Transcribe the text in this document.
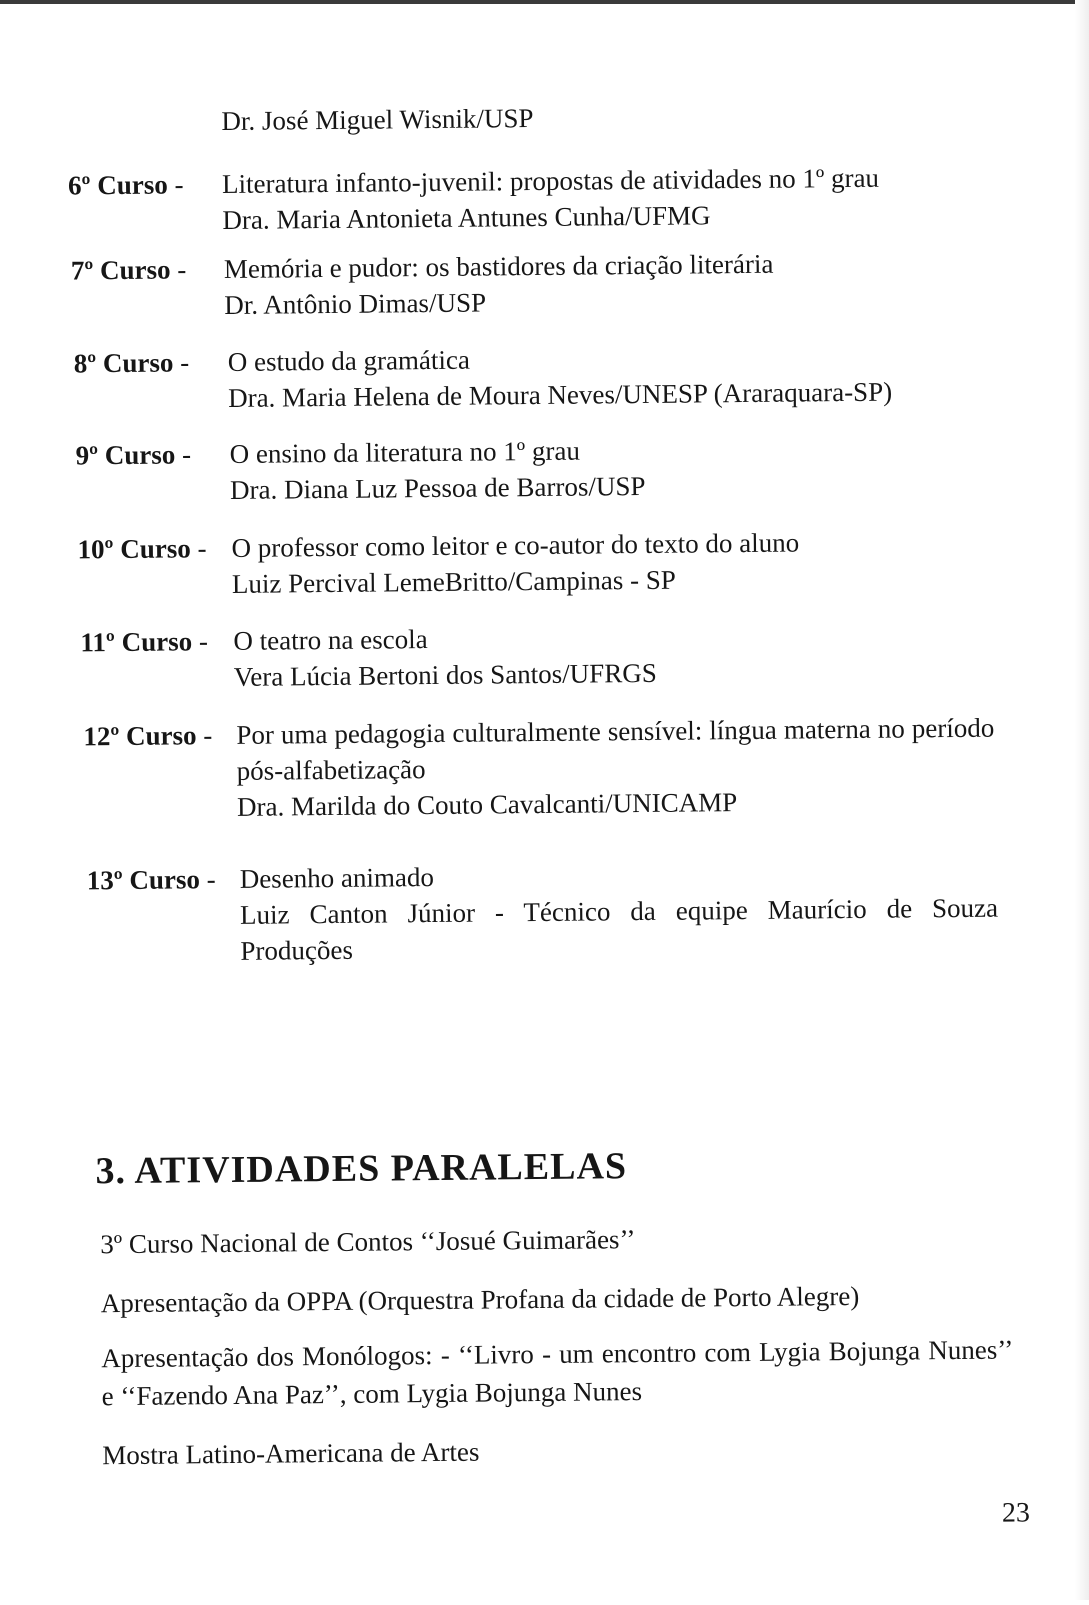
Dr. José Miguel Wisnik/USP

6º Curso - Literatura infanto-juvenil: propostas de atividades no 1º grau
Dra. Maria Antonieta Antunes Cunha/UFMG
7º Curso - Memória e pudor: os bastidores da criação literária
Dr. Antônio Dimas/USP
8º Curso - O estudo da gramática
Dra. Maria Helena de Moura Neves/UNESP (Araraquara-SP)
9º Curso - O ensino da literatura no 1º grau
Dra. Diana Luz Pessoa de Barros/USP
10º Curso - O professor como leitor e co-autor do texto do aluno
Luiz Percival LemeBritto/Campinas - SP
11º Curso - O teatro na escola
Vera Lúcia Bertoni dos Santos/UFRGS
12º Curso - Por uma pedagogia culturalmente sensível: língua materna no período pós-alfabetização
Dra. Marilda do Couto Cavalcanti/UNICAMP
13º Curso - Desenho animado
Luiz Canton Júnior - Técnico da equipe Maurício de Souza Produções
3. ATIVIDADES PARALELAS

3º Curso Nacional de Contos ‘‘Josué Guimarães’’

Apresentação da OPPA (Orquestra Profana da cidade de Porto Alegre)

Apresentação dos Monólogos: - ‘‘Livro - um encontro com Lygia Bojunga Nunes’’ e ‘‘Fazendo Ana Paz’’, com Lygia Bojunga Nunes

Mostra Latino-Americana de Artes

23
